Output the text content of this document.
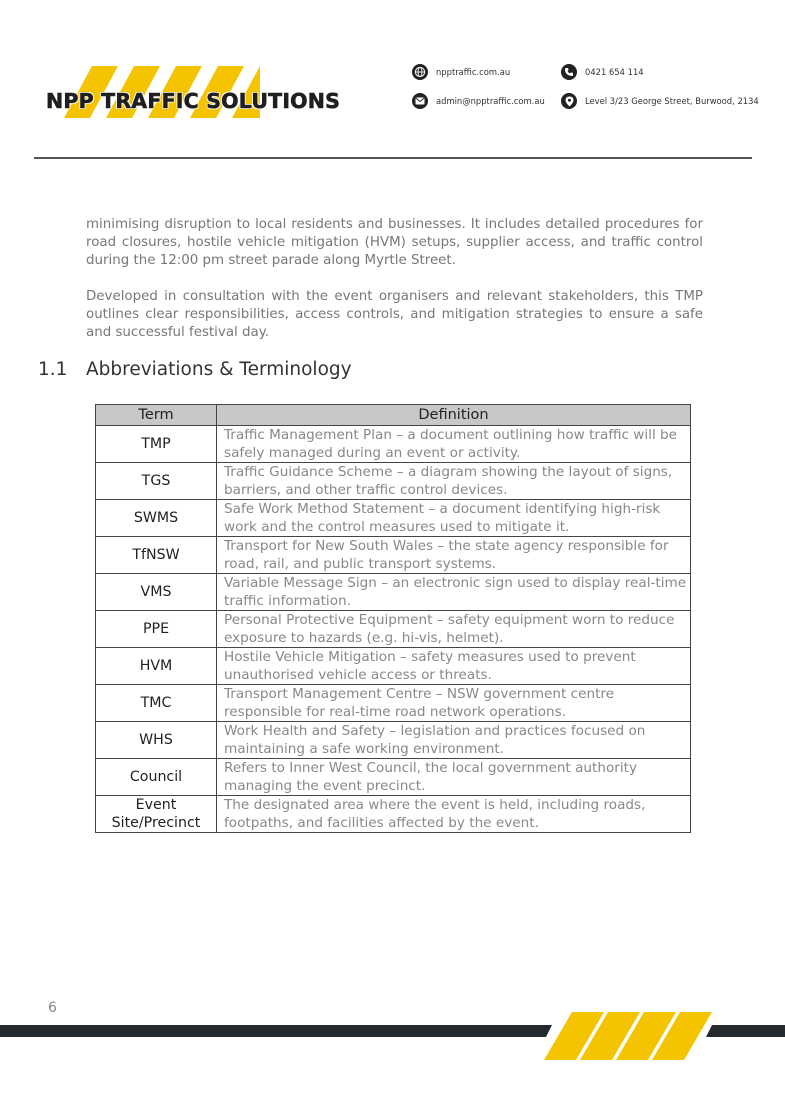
NPP TRAFFIC SOLUTIONS
npptraffic.com.au	0421 654 114
admin@npptraffic.com.au	Level 3/23 George Street, Burwood, 2134

minimising disruption to local residents and businesses. It includes detailed procedures for road closures, hostile vehicle mitigation (HVM) setups, supplier access, and traffic control during the 12:00 pm street parade along Myrtle Street.

Developed in consultation with the event organisers and relevant stakeholders, this TMP outlines clear responsibilities, access controls, and mitigation strategies to ensure a safe and successful festival day.

1.1 Abbreviations & Terminology
Term	Definition
TMP	Traffic Management Plan – a document outlining how traffic will be safely managed during an event or activity.
TGS	Traffic Guidance Scheme – a diagram showing the layout of signs, barriers, and other traffic control devices.
SWMS	Safe Work Method Statement – a document identifying high-risk work and the control measures used to mitigate it.
TfNSW	Transport for New South Wales – the state agency responsible for road, rail, and public transport systems.
VMS	Variable Message Sign – an electronic sign used to display real-time traffic information.
PPE	Personal Protective Equipment – safety equipment worn to reduce exposure to hazards (e.g. hi-vis, helmet).
HVM	Hostile Vehicle Mitigation – safety measures used to prevent unauthorised vehicle access or threats.
TMC	Transport Management Centre – NSW government centre responsible for real-time road network operations.
WHS	Work Health and Safety – legislation and practices focused on maintaining a safe working environment.
Council	Refers to Inner West Council, the local government authority managing the event precinct.
Event Site/Precinct	The designated area where the event is held, including roads, footpaths, and facilities affected by the event.
6
